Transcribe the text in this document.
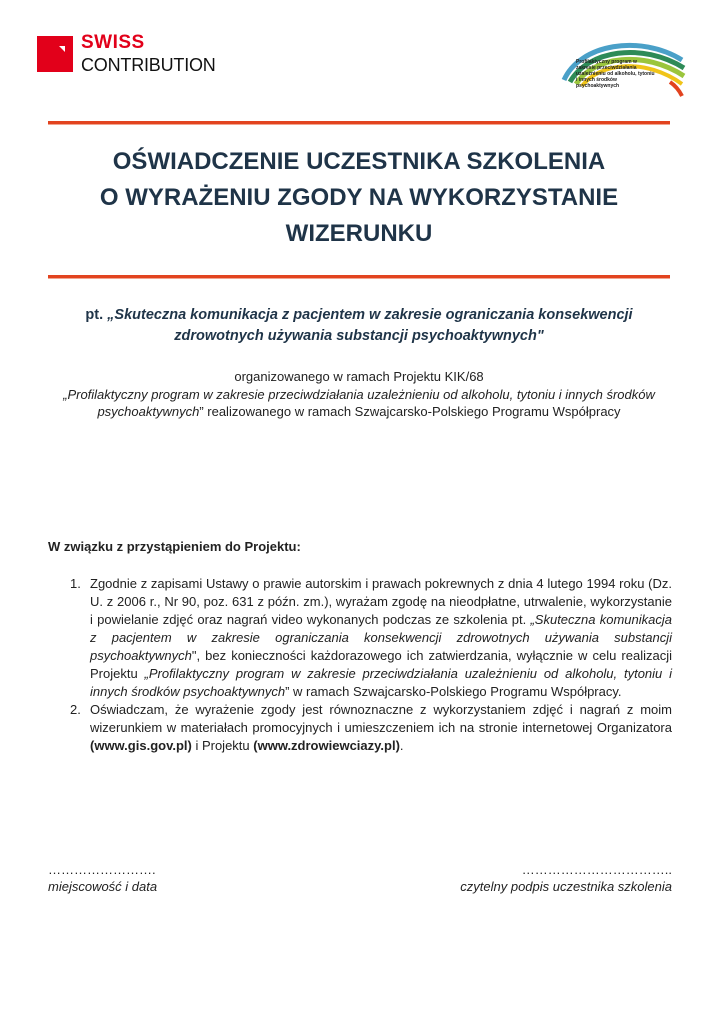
SWISS
CONTRIBUTION	Profilaktyczny program w zakresie przeciwdziałania uzależnieniu od alkoholu, tytoniu i innych środków psychoaktywnych
OŚWIADCZENIE UCZESTNIKA SZKOLENIA
O WYRAŻENIU ZGODY NA WYKORZYSTANIE
WIZERUNKU
pt. „Skuteczna komunikacja z pacjentem w zakresie ograniczania konsekwencji
zdrowotnych używania substancji psychoaktywnych"
organizowanego w ramach Projektu KIK/68
„Profilaktyczny program w zakresie przeciwdziałania uzależnieniu od alkoholu, tytoniu i innych środków psychoaktywnych” realizowanego w ramach Szwajcarsko-Polskiego Programu Współpracy
W związku z przystąpieniem do Projektu:
1. Zgodnie z zapisami Ustawy o prawie autorskim i prawach pokrewnych z dnia 4 lutego 1994 roku (Dz. U. z 2006 r., Nr 90, poz. 631 z późn. zm.), wyrażam zgodę na nieodpłatne, utrwalenie, wykorzystanie i powielanie zdjęć oraz nagrań video wykonanych podczas ze szkolenia pt. „Skuteczna komunikacja z pacjentem w zakresie ograniczania konsekwencji zdrowotnych używania substancji psychoaktywnych", bez konieczności każdorazowego ich zatwierdzania, wyłącznie w celu realizacji Projektu „Profilaktyczny program w zakresie przeciwdziałania uzależnieniu od alkoholu, tytoniu i innych środków psychoaktywnych” w ramach Szwajcarsko-Polskiego Programu Współpracy.
2. Oświadczam, że wyrażenie zgody jest równoznaczne z wykorzystaniem zdjęć i nagrań z moim wizerunkiem w materiałach promocyjnych i umieszczeniem ich na stronie internetowej Organizatora (www.gis.gov.pl) i Projektu (www.zdrowiewciazy.pl).
…………………….
miejscowość i data
……………………………..
czytelny podpis uczestnika szkolenia
